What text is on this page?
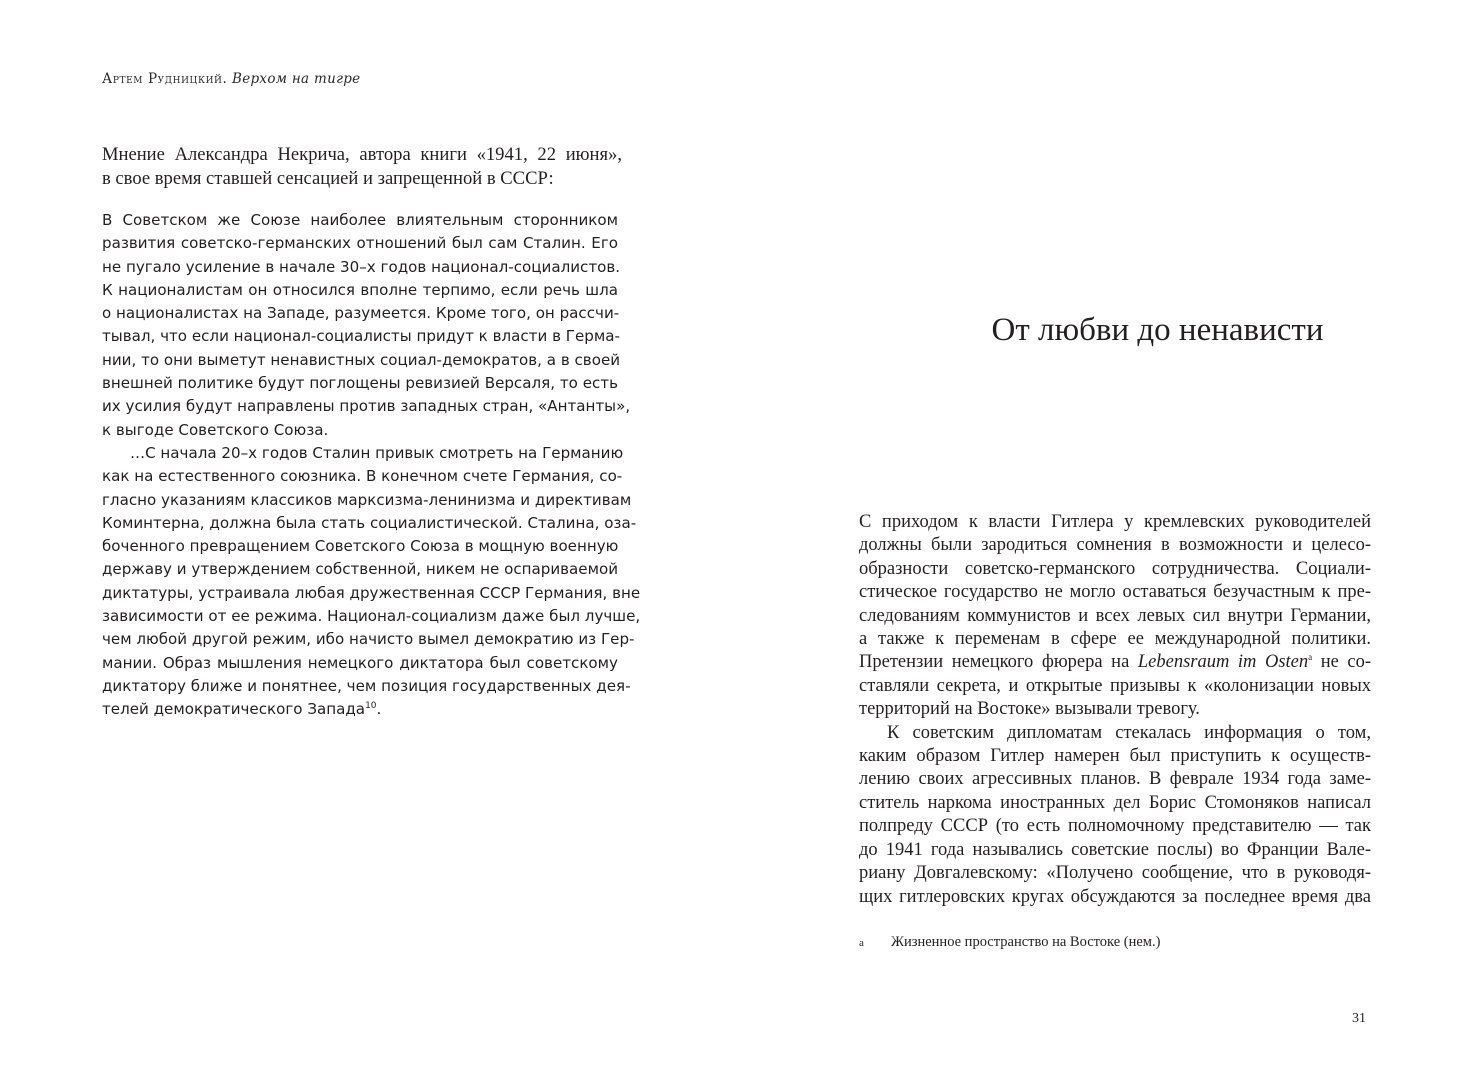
Артем Рудницкий. Верхом на тигре
Мнение Александра Некрича, автора книги «1941, 22 июня»,
в свое время ставшей сенсацией и запрещенной в СССР:
В Советском же Союзе наиболее влиятельным сторонником
развития советско-германских отношений был сам Сталин. Его
не пугало усиление в начале 30–х годов национал-социалистов.
К националистам он относился вполне терпимо, если речь шла
о националистах на Западе, разумеется. Кроме того, он рассчи-
тывал, что если национал-социалисты придут к власти в Герма-
нии, то они выметут ненавистных социал-демократов, а в своей
внешней политике будут поглощены ревизией Версаля, то есть
их усилия будут направлены против западных стран, «Антанты»,
к выгоде Советского Союза.
…С начала 20–х годов Сталин привык смотреть на Германию
как на естественного союзника. В конечном счете Германия, со-
гласно указаниям классиков марксизма-ленинизма и директивам
Коминтерна, должна была стать социалистической. Сталина, оза-
боченного превращением Советского Союза в мощную военную
державу и утверждением собственной, никем не оспариваемой
диктатуры, устраивала любая дружественная СССР Германия, вне
зависимости от ее режима. Национал-социализм даже был лучше,
чем любой другой режим, ибо начисто вымел демократию из Гер-
мании. Образ мышления немецкого диктатора был советскому
диктатору ближе и понятнее, чем позиция государственных дея-
телей демократического Запада$^{10}$.
От любви до ненависти
С приходом к власти Гитлера у кремлевских руководителей
должны были зародиться сомнения в возможности и целесо-
образности советско-германского сотрудничества. Социали-
стическое государство не могло оставаться безучастным к пре-
следованиям коммунистов и всех левых сил внутри Германии,
а также к переменам в сфере ее международной политики.
Претензии немецкого фюрера на Lebensraum im Osten$^a$ не со-
ставляли секрета, и открытые призывы к «колонизации новых
территорий на Востоке» вызывали тревогу.
К советским дипломатам стекалась информация о том,
каким образом Гитлер намерен был приступить к осуществ-
лению своих агрессивных планов. В феврале 1934 года заме-
ститель наркома иностранных дел Борис Стомоняков написал
полпреду СССР (то есть полномочному представителю — так
до 1941 года назывались советские послы) во Франции Вале-
риану Довгалевскому: «Получено сообщение, что в руководя-
щих гитлеровских кругах обсуждаются за последнее время два
a Жизненное пространство на Востоке (нем.)
31
